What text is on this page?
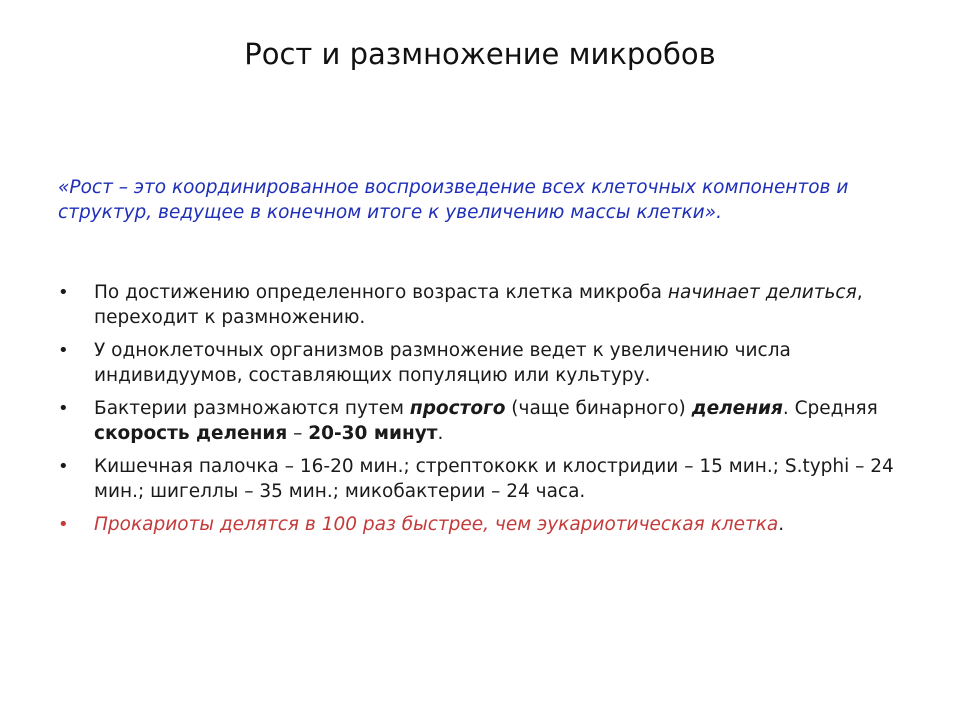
Рост и размножение микробов
«Рост – это координированное воспроизведение всех клеточных компонентов и структур, ведущее в конечном итоге к увеличению массы клетки».
• По достижению определенного возраста клетка микроба начинает делиться, переходит к размножению.
• У одноклеточных организмов размножение ведет к увеличению числа индивидуумов, составляющих популяцию или культуру.
• Бактерии размножаются путем простого (чаще бинарного) деления. Средняя скорость деления – 20-30 минут.
• Кишечная палочка – 16-20 мин.; стрептококк и клостридии – 15 мин.; S.typhi – 24 мин.; шигеллы – 35 мин.; микобактерии – 24 часа.
• Прокариоты делятся в 100 раз быстрее, чем эукариотическая клетка.
